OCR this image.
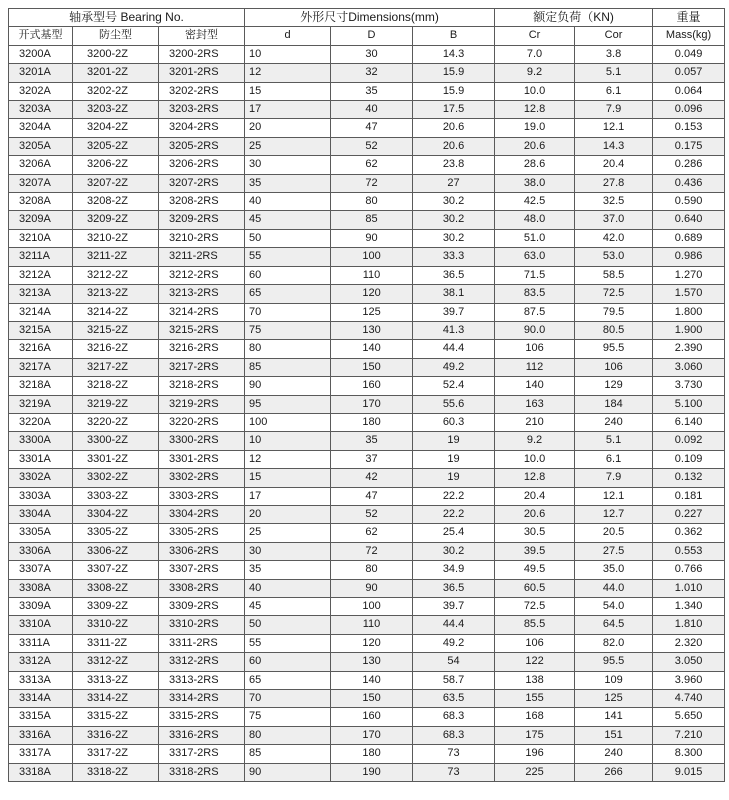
轴承型号 Bearing No.			外形尺寸Dimensions(mm)			额定负荷（KN)		重量
开式基型	防尘型	密封型	d	D	B	Cr	Cor	Mass(kg)
3200A	3200-2Z	3200-2RS	10	30	14.3	7.0	3.8	0.049
3201A	3201-2Z	3201-2RS	12	32	15.9	9.2	5.1	0.057
3202A	3202-2Z	3202-2RS	15	35	15.9	10.0	6.1	0.064
3203A	3203-2Z	3203-2RS	17	40	17.5	12.8	7.9	0.096
3204A	3204-2Z	3204-2RS	20	47	20.6	19.0	12.1	0.153
3205A	3205-2Z	3205-2RS	25	52	20.6	20.6	14.3	0.175
3206A	3206-2Z	3206-2RS	30	62	23.8	28.6	20.4	0.286
3207A	3207-2Z	3207-2RS	35	72	27	38.0	27.8	0.436
3208A	3208-2Z	3208-2RS	40	80	30.2	42.5	32.5	0.590
3209A	3209-2Z	3209-2RS	45	85	30.2	48.0	37.0	0.640
3210A	3210-2Z	3210-2RS	50	90	30.2	51.0	42.0	0.689
3211A	3211-2Z	3211-2RS	55	100	33.3	63.0	53.0	0.986
3212A	3212-2Z	3212-2RS	60	110	36.5	71.5	58.5	1.270
3213A	3213-2Z	3213-2RS	65	120	38.1	83.5	72.5	1.570
3214A	3214-2Z	3214-2RS	70	125	39.7	87.5	79.5	1.800
3215A	3215-2Z	3215-2RS	75	130	41.3	90.0	80.5	1.900
3216A	3216-2Z	3216-2RS	80	140	44.4	106	95.5	2.390
3217A	3217-2Z	3217-2RS	85	150	49.2	112	106	3.060
3218A	3218-2Z	3218-2RS	90	160	52.4	140	129	3.730
3219A	3219-2Z	3219-2RS	95	170	55.6	163	184	5.100
3220A	3220-2Z	3220-2RS	100	180	60.3	210	240	6.140
3300A	3300-2Z	3300-2RS	10	35	19	9.2	5.1	0.092
3301A	3301-2Z	3301-2RS	12	37	19	10.0	6.1	0.109
3302A	3302-2Z	3302-2RS	15	42	19	12.8	7.9	0.132
3303A	3303-2Z	3303-2RS	17	47	22.2	20.4	12.1	0.181
3304A	3304-2Z	3304-2RS	20	52	22.2	20.6	12.7	0.227
3305A	3305-2Z	3305-2RS	25	62	25.4	30.5	20.5	0.362
3306A	3306-2Z	3306-2RS	30	72	30.2	39.5	27.5	0.553
3307A	3307-2Z	3307-2RS	35	80	34.9	49.5	35.0	0.766
3308A	3308-2Z	3308-2RS	40	90	36.5	60.5	44.0	1.010
3309A	3309-2Z	3309-2RS	45	100	39.7	72.5	54.0	1.340
3310A	3310-2Z	3310-2RS	50	110	44.4	85.5	64.5	1.810
3311A	3311-2Z	3311-2RS	55	120	49.2	106	82.0	2.320
3312A	3312-2Z	3312-2RS	60	130	54	122	95.5	3.050
3313A	3313-2Z	3313-2RS	65	140	58.7	138	109	3.960
3314A	3314-2Z	3314-2RS	70	150	63.5	155	125	4.740
3315A	3315-2Z	3315-2RS	75	160	68.3	168	141	5.650
3316A	3316-2Z	3316-2RS	80	170	68.3	175	151	7.210
3317A	3317-2Z	3317-2RS	85	180	73	196	240	8.300
3318A	3318-2Z	3318-2RS	90	190	73	225	266	9.015
